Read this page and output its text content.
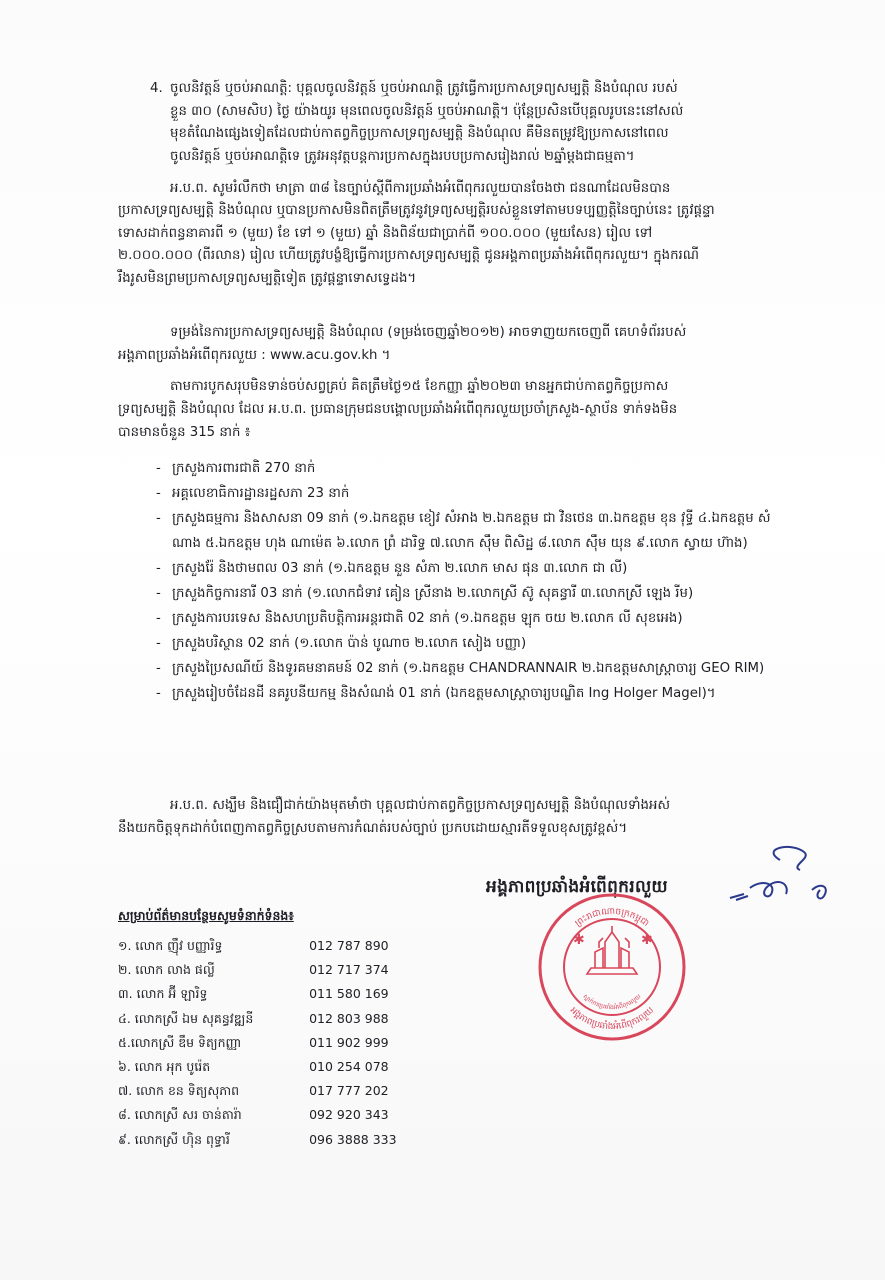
4. ចូលនិវត្តន៍ ឬចប់អាណត្តិ: បុគ្គលចូលនិវត្តន៍ ឬចប់អាណត្តិ ត្រូវធ្វើការប្រកាសទ្រព្យសម្បត្តិ និងបំណុល របស់
ខ្លួន ៣០ (សាមសិប) ថ្ងៃ យ៉ាងយូរ មុនពេលចូលនិវត្តន៍ ឬចប់អាណត្តិ។ ប៉ុន្តែប្រសិនបើបុគ្គលរូបនេះនៅសល់
មុខតំណែងផ្សេងទៀតដែលជាប់កាតព្វកិច្ចប្រកាសទ្រព្យសម្បត្តិ និងបំណុល គឺមិនតម្រូវឱ្យប្រកាសនៅពេល
ចូលនិវត្តន៍ ឬចប់អាណត្តិទេ ត្រូវអនុវត្តបន្តការប្រកាសក្នុងរបបប្រកាសរៀងរាល់ ២ឆ្នាំម្តងជាធម្មតា។
អ.ប.ព. សូមរំលឹកថា មាត្រា ៣៨ នៃច្បាប់ស្តីពីការប្រឆាំងអំពើពុករលួយបានចែងថា ជនណាដែលមិនបាន
ប្រកាសទ្រព្យសម្បត្តិ និងបំណុល ឬបានប្រកាសមិនពិតត្រឹមត្រូវនូវទ្រព្យសម្បត្តិរបស់ខ្លួនទៅតាមបទប្បញ្ញត្តិនៃច្បាប់នេះ ត្រូវផ្តន្ទា
ទោសដាក់ពន្ធនាគារពី ១ (មួយ) ខែ ទៅ ១ (មួយ) ឆ្នាំ និងពិន័យជាប្រាក់ពី ១០០.០០០ (មួយសែន) រៀល ទៅ
២.០០០.០០០ (ពីរលាន) រៀល ហើយត្រូវបង្ខំឱ្យធ្វើការប្រកាសទ្រព្យសម្បត្តិ ជូនអង្គភាពប្រឆាំងអំពើពុករលួយ។ ក្នុងករណី
រឹងរូសមិនព្រមប្រកាសទ្រព្យសម្បត្តិទៀត ត្រូវផ្តន្ទាទោសទ្វេដង។
ទម្រង់នៃការប្រកាសទ្រព្យសម្បត្តិ និងបំណុល (ទម្រង់ចេញឆ្នាំ២០១២) អាចទាញយកចេញពី គេហទំព័ររបស់
អង្គភាពប្រឆាំងអំពើពុករលួយ : www.acu.gov.kh ។
តាមការបូកសរុបមិនទាន់ចប់សព្វគ្រប់ គិតត្រឹមថ្ងៃ១៥ ខែកញ្ញា ឆ្នាំ២០២៣ មានអ្នកជាប់កាតព្វកិច្ចប្រកាស
ទ្រព្យសម្បត្តិ និងបំណុល ដែល អ.ប.ព. ប្រធានក្រុមជនបង្គោលប្រឆាំងអំពើពុករលួយប្រចាំក្រសួង-ស្ថាប័ន ទាក់ទងមិន
បានមានចំនួន 315 នាក់ ៖
- ក្រសួងការពារជាតិ 270 នាក់
- អគ្គលេខាធិការដ្ឋានរដ្ឋសភា 23 នាក់
- ក្រសួងធម្មការ និងសាសនា 09 នាក់ (១.ឯកឧត្តម ខៀវ សំអាង ២.ឯកឧត្តម ជា វិនថេន ៣.ឯកឧត្តម ខុន វុទ្ធី ៤.ឯកឧត្តម សំ ណាង ៥.ឯកឧត្តម ហុង ណាម៉េត ៦.លោក ព្រំ ដារិទ្ធ ៧.លោក ស៊ឹម ពិសិដ្ឋ ៨.លោក ស៊ឹម យុន ៩.លោក ស្វាយ ហ៊ាង)
- ក្រសួងរ៉ែ និងថាមពល 03 នាក់ (១.ឯកឧត្តម នួន សំភា ២.លោក មាស ផុន ៣.លោក ជា លី)
- ក្រសួងកិច្ចការនារី 03 នាក់ (១.លោកជំទាវ គៀន ស្រីនាង ២.លោកស្រី ស៊ូ សុគន្ធារី ៣.លោកស្រី ឡេង រីម)
- ក្រសួងការបរទេស និងសហប្រតិបត្តិការអន្តរជាតិ 02 នាក់ (១.ឯកឧត្តម ឡុក ចយ ២.លោក លី សុខអេង)
- ក្រសួងបរិស្ថាន 02 នាក់ (១.លោក ប៉ាន់ បូណាច ២.លោក សៀង បញ្ញា)
- ក្រសួងប្រៃសណីយ៍ និងទូរគមនាគមន៍ 02 នាក់ (១.ឯកឧត្តម CHANDRANNAIR ២.ឯកឧត្តមសាស្ត្រាចារ្យ GEO RIM)
- ក្រសួងរៀបចំដែនដី នគរូបនីយកម្ម និងសំណង់ 01 នាក់ (ឯកឧត្តមសាស្ត្រាចារ្យបណ្ឌិត Ing Holger Magel)។
អ.ប.ព. សង្ឃឹម និងជឿជាក់យ៉ាងមុតមាំថា បុគ្គលជាប់កាតព្វកិច្ចប្រកាសទ្រព្យសម្បត្តិ និងបំណុលទាំងអស់
នឹងយកចិត្តទុកដាក់បំពេញកាតព្វកិច្ចស្របតាមការកំណត់របស់ច្បាប់ ប្រកបដោយស្មារតីទទួលខុសត្រូវខ្ពស់។
អង្គភាពប្រឆាំងអំពើពុករលួយ
ព្រះរាជាណាចក្រកម្ពុជា
អង្គភាពប្រឆាំងអំពើពុករលួយ
ស្នាក់ការប្រឆាំងអំពើពុករលួយ
✱	✱
សម្រាប់ព័ត៌មានបន្ថែមសូមទំនាក់ទំនង៖
១. លោក ញ៉ឹវ បញ្ញារិទ្ធ	012 787 890
២. លោក លាង ផល្លី	012 717 374
៣. លោក អ៊ី ឡារិទ្ធ	011 580 169
៤. លោកស្រី ឯម សុគន្ធវឌ្ឍនី	012 803 988
៥.លោកស្រី ឌឹម ទិត្យកញ្ញា	011 902 999
៦. លោក អុក បូរ៉េត	010 254 078
៧. លោក ខន ទិត្យសុភាព	017 777 202
៨. លោកស្រី សរ ចាន់តារ៉ា	092 920 343
៩. លោកស្រី ហ៊ិន ពុទ្ធារី	096 3888 333
